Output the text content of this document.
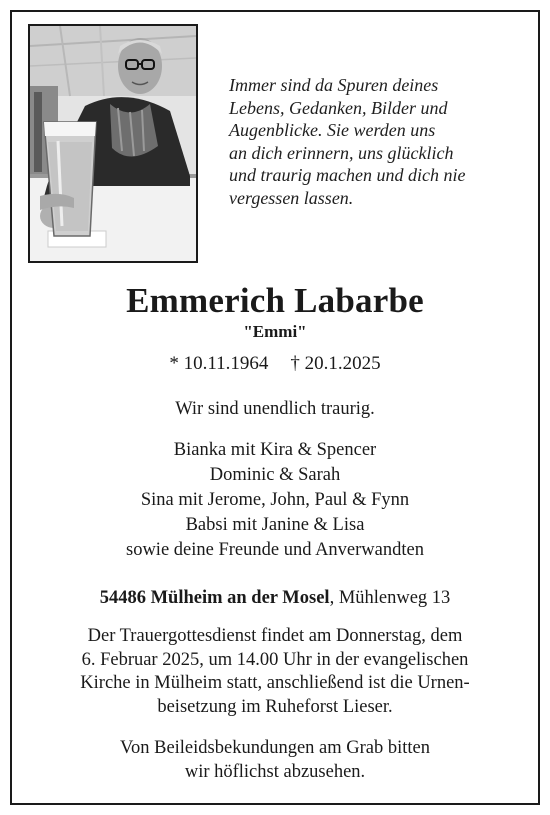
Immer sind da Spuren deines
Lebens, Gedanken, Bilder und
Augenblicke. Sie werden uns
an dich erinnern, uns glücklich
und traurig machen und dich nie
vergessen lassen.
Emmerich Labarbe
"Emmi"
* 10.11.1964 † 20.1.2025
Wir sind unendlich traurig.
Bianka mit Kira & Spencer
Dominic & Sarah
Sina mit Jerome, John, Paul & Fynn
Babsi mit Janine & Lisa
sowie deine Freunde und Anverwandten
54486 Mülheim an der Mosel, Mühlenweg 13
Der Trauergottesdienst findet am Donnerstag, dem
6. Februar 2025, um 14.00 Uhr in der evangelischen
Kirche in Mülheim statt, anschließend ist die Urnen-
beisetzung im Ruheforst Lieser.
Von Beileidsbekundungen am Grab bitten
wir höflichst abzusehen.
